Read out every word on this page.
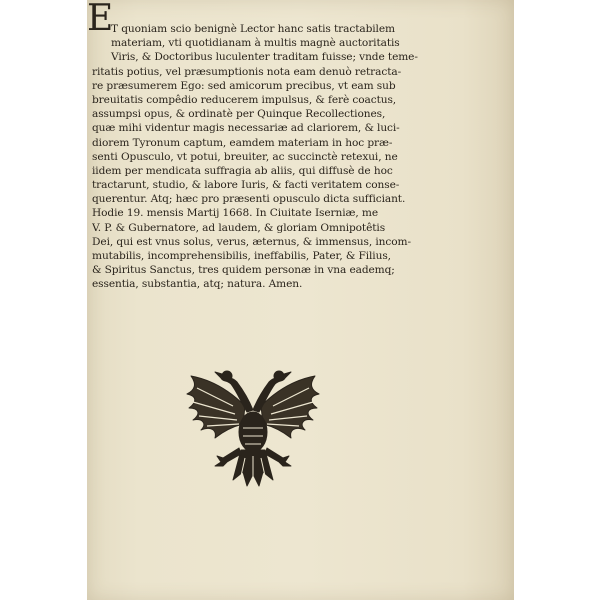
E
T quoniam scio benignè Lector hanc satis tractabilem
materiam, vti quotidianam à multis magnè auctoritatis
Viris, & Doctoribus luculenter traditam fuisse; vnde teme-
ritatis potius, vel præsumptionis nota eam denuò retracta-
re præsumerem Ego: sed amicorum precibus, vt eam sub
breuitatis compêdio reducerem impulsus, & ferè coactus,
assumpsi opus, & ordinatè per Quinque Recollectiones,
quæ mihi videntur magis necessariæ ad clariorem, & luci-
diorem Tyronum captum, eamdem materiam in hoc præ-
senti Opusculo, vt potui, breuiter, ac succinctè retexui, ne
iidem per mendicata suffragia ab aliis, qui diffusè de hoc
tractarunt, studio, & labore Iuris, & facti veritatem conse-
querentur. Atq; hæc pro præsenti opusculo dicta sufficiant.
Hodie 19. mensis Martij 1668. In Ciuitate Iserniæ, me
V. P. & Gubernatore, ad laudem, & gloriam Omnipotêtis
Dei, qui est vnus solus, verus, æternus, & immensus, incom-
mutabilis, incomprehensibilis, ineffabilis, Pater, & Filius,
& Spiritus Sanctus, tres quidem personæ in vna eademq;
essentia, substantia, atq; natura. Amen.
